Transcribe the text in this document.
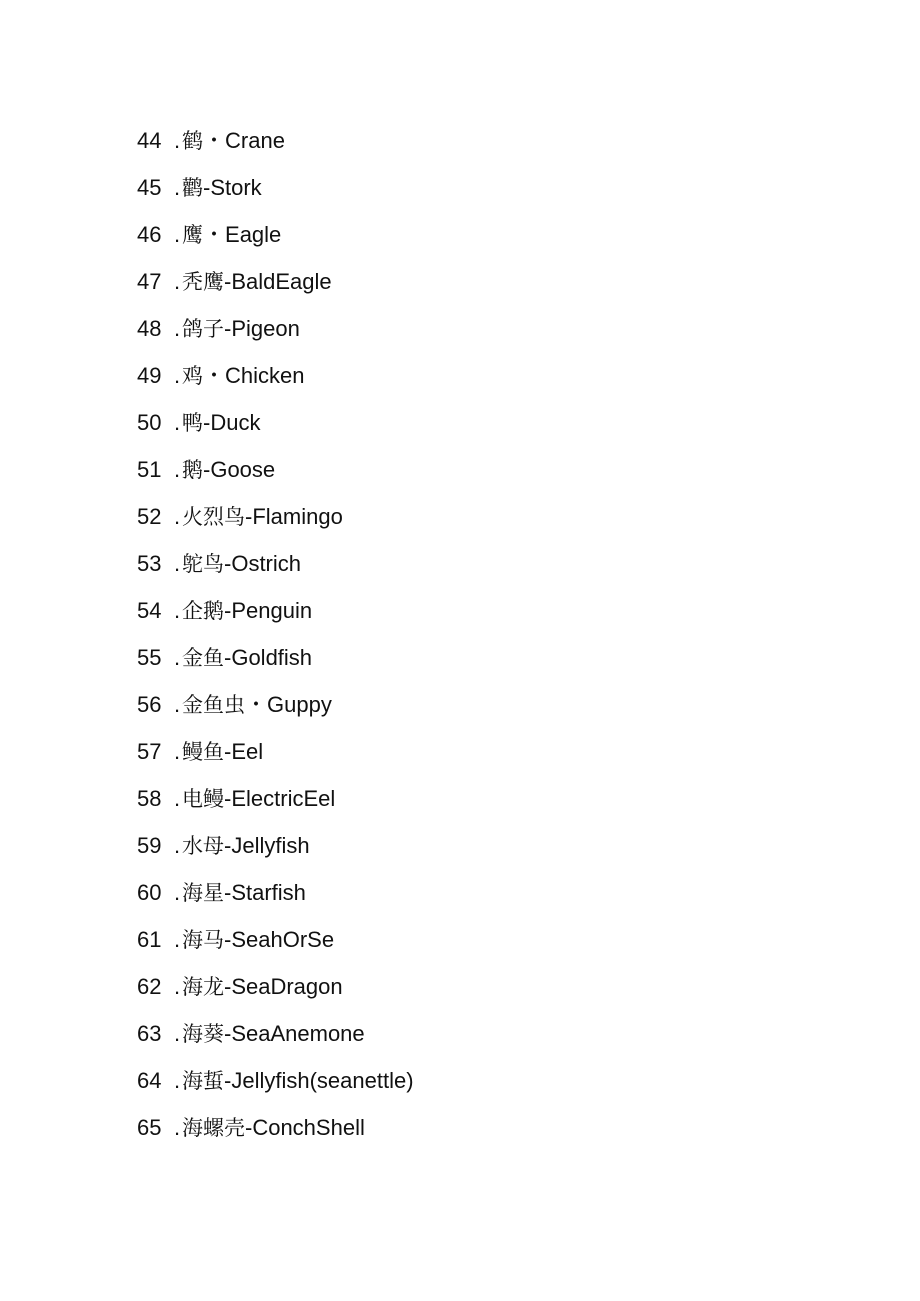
44 . 鹤 ・ Crane
45 . 鹳 - Stork
46 . 鹰 ・ Eagle
47 . 秃鹰 - BaldEagle
48 . 鸽子 - Pigeon
49 . 鸡 ・ Chicken
50 . 鸭 - Duck
51 . 鹅 - Goose
52 . 火烈鸟 - Flamingo
53 . 鸵鸟 - Ostrich
54 . 企鹅 - Penguin
55 . 金鱼 - Goldfish
56 . 金鱼虫 ・ Guppy
57 . 鳗鱼 - Eel
58 . 电鳗 - ElectricEel
59 . 水母 - Jellyfish
60 . 海星 - Starfish
61 . 海马 - SeahOrSe
62 . 海龙 - SeaDragon
63 . 海葵 - SeaAnemone
64 . 海蜇 - Jellyfish(seanettle)
65 . 海螺壳 - ConchShell
